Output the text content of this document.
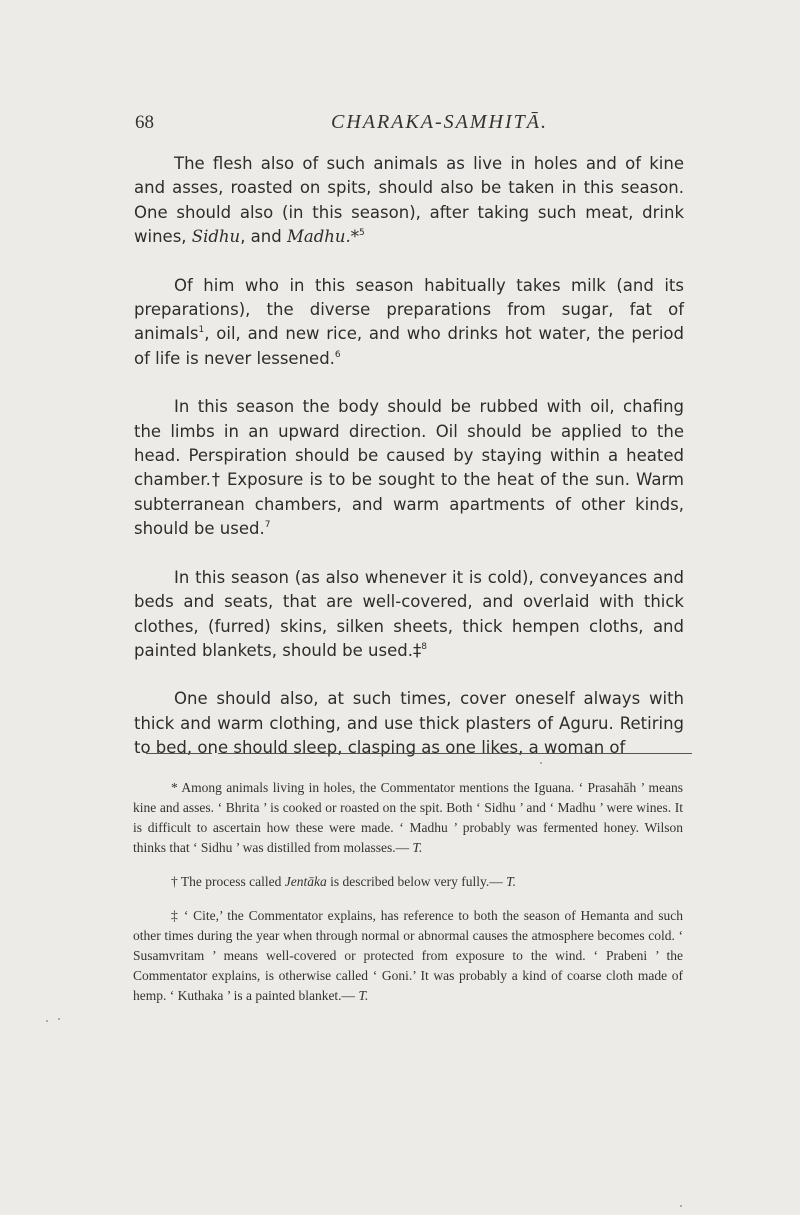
68	CHARAKA-SAMHITĀ.

The flesh also of such animals as live in holes and of kine and asses, roasted on spits, should also be taken in this season. One should also (in this season), after taking such meat, drink wines, Sidhu, and Madhu.*$^5$

Of him who in this season habitually takes milk (and its preparations), the diverse preparations from sugar, fat of animals$^1$, oil, and new rice, and who drinks hot water, the period of life is never lessened.$^6$

In this season the body should be rubbed with oil, chafing the limbs in an upward direction. Oil should be applied to the head. Perspiration should be caused by staying within a heated chamber.† Exposure is to be sought to the heat of the sun. Warm subterranean chambers, and warm apartments of other kinds, should be used.$^7$

In this season (as also whenever it is cold), conveyances and beds and seats, that are well-covered, and overlaid with thick clothes, (furred) skins, silken sheets, thick hempen cloths, and painted blankets, should be used.‡$^8$

One should also, at such times, cover oneself always with thick and warm clothing, and use thick plasters of Aguru. Retiring to bed, one should sleep, clasping as one likes, a woman of

* Among animals living in holes, the Commentator mentions the Iguana. ‘ Prasahāh ’ means kine and asses. ‘ Bhrita ’ is cooked or roasted on the spit. Both ‘ Sidhu ’ and ‘ Madhu ’ were wines. It is difficult to ascertain how these were made. ‘ Madhu ’ probably was fermented honey. Wilson thinks that ‘ Sidhu ’ was distilled from molasses.— T.

† The process called Jentāka is described below very fully.— T.

‡ ‘ Cite,’ the Commentator explains, has reference to both the season of Hemanta and such other times during the year when through normal or abnormal causes the atmosphere becomes cold. ‘ Susamvritam ’ means well-covered or protected from exposure to the wind. ‘ Prabeni ’ the Commentator explains, is otherwise called ‘ Goni.’ It was probably a kind of coarse cloth made of hemp. ‘ Kuthaka ’ is a painted blanket.— T.
